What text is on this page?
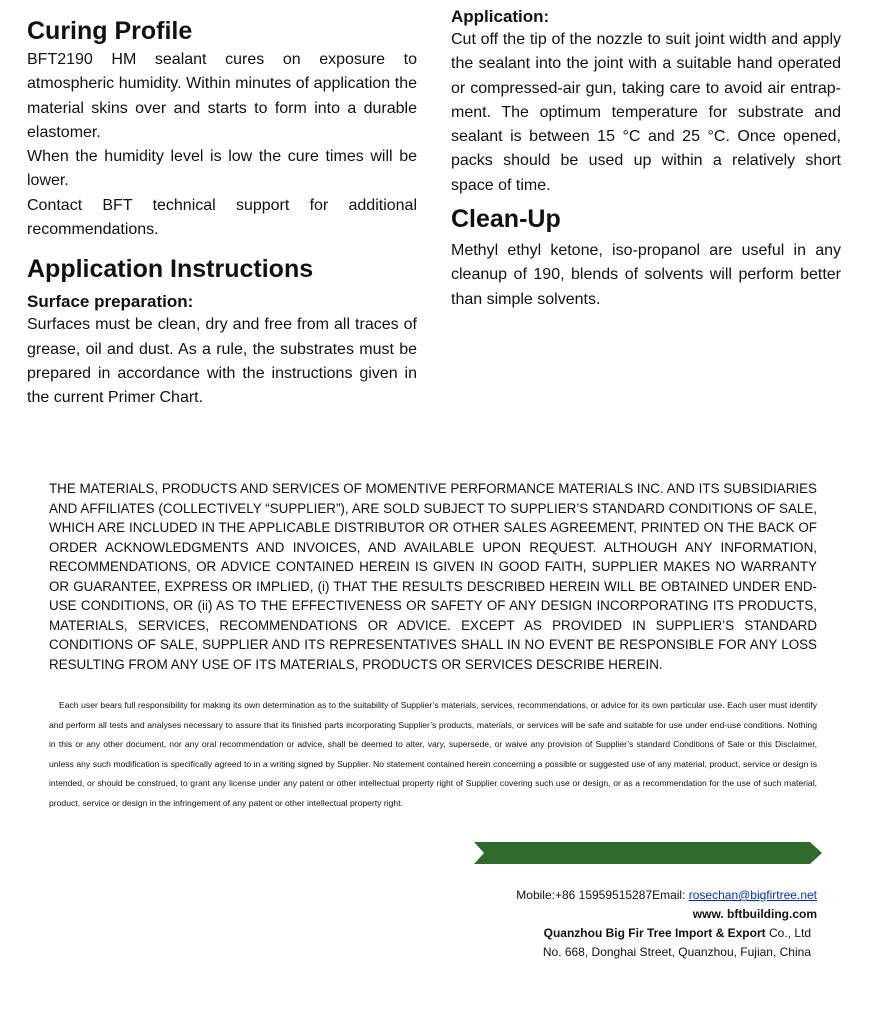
Curing Profile

BFT2190 HM sealant cures on exposure to atmospheric humidity. Within minutes of application the material skins over and starts to form into a durable elastomer.

When the humidity level is low the cure times will be lower.

Contact BFT technical support for additional recommendations.

Application Instructions
Surface preparation:

Surfaces must be clean, dry and free from all traces of grease, oil and dust. As a rule, the substrates must be prepared in accordance with the instructions given in the current Primer Chart.

Application:

Cut off the tip of the nozzle to suit joint width and apply the sealant into the joint with a suitable hand operated or compressed-air gun, taking care to avoid air entrap-ment. The optimum temperature for substrate and sealant is between 15 °C and 25 °C. Once opened, packs should be used up within a relatively short space of time.

Clean-Up

Methyl ethyl ketone, iso-propanol are useful in any cleanup of 190, blends of solvents will perform better than simple solvents.

THE MATERIALS, PRODUCTS AND SERVICES OF MOMENTIVE PERFORMANCE MATERIALS INC. AND ITS SUBSIDIARIES AND AFFILIATES (COLLECTIVELY “SUPPLIER”), ARE SOLD SUBJECT TO SUPPLIER’S STANDARD CONDITIONS OF SALE, WHICH ARE INCLUDED IN THE APPLICABLE DISTRIBUTOR OR OTHER SALES AGREEMENT, PRINTED ON THE BACK OF ORDER ACKNOWLEDGMENTS AND INVOICES, AND AVAILABLE UPON REQUEST. ALTHOUGH ANY INFORMATION, RECOMMENDATIONS, OR ADVICE CONTAINED HEREIN IS GIVEN IN GOOD FAITH, SUPPLIER MAKES NO WARRANTY OR GUARANTEE, EXPRESS OR IMPLIED, (i) THAT THE RESULTS DESCRIBED HEREIN WILL BE OBTAINED UNDER END-USE CONDITIONS, OR (ii) AS TO THE EFFECTIVENESS OR SAFETY OF ANY DESIGN INCORPORATING ITS PRODUCTS, MATERIALS, SERVICES, RECOMMENDATIONS OR ADVICE. EXCEPT AS PROVIDED IN SUPPLIER’S STANDARD CONDITIONS OF SALE, SUPPLIER AND ITS REPRESENTATIVES SHALL IN NO EVENT BE RESPONSIBLE FOR ANY LOSS RESULTING FROM ANY USE OF ITS MATERIALS, PRODUCTS OR SERVICES DESCRIBE HEREIN.

Each user bears full responsibility for making its own determination as to the suitability of Supplier’s materials, services, recommendations, or advice for its own particular use. Each user must identify and perform all tests and analyses necessary to assure that its finished parts incorporating Supplier’s products, materials, or services will be safe and suitable for use under end-use conditions. Nothing in this or any other document, nor any oral recommendation or advice, shall be deemed to alter, vary, supersede, or waive any provision of Supplier’s standard Conditions of Sale or this Disclaimer, unless any such modification is specifically agreed to in a writing signed by Supplier. No statement contained herein concerning a possible or suggested use of any material, product, service or design is intended, or should be construed, to grant any license under any patent or other intellectual property right of Supplier covering such use or design, or as a recommendation for the use of such material, product, service or design in the infringement of any patent or other intellectual property right.

Mobile:+86 15959515287Email: rosechan@bigfirtree.net
www. bftbuilding.com
Quanzhou Big Fir Tree Import & Export Co., Ltd
No. 668, Donghai Street, Quanzhou, Fujian, China
